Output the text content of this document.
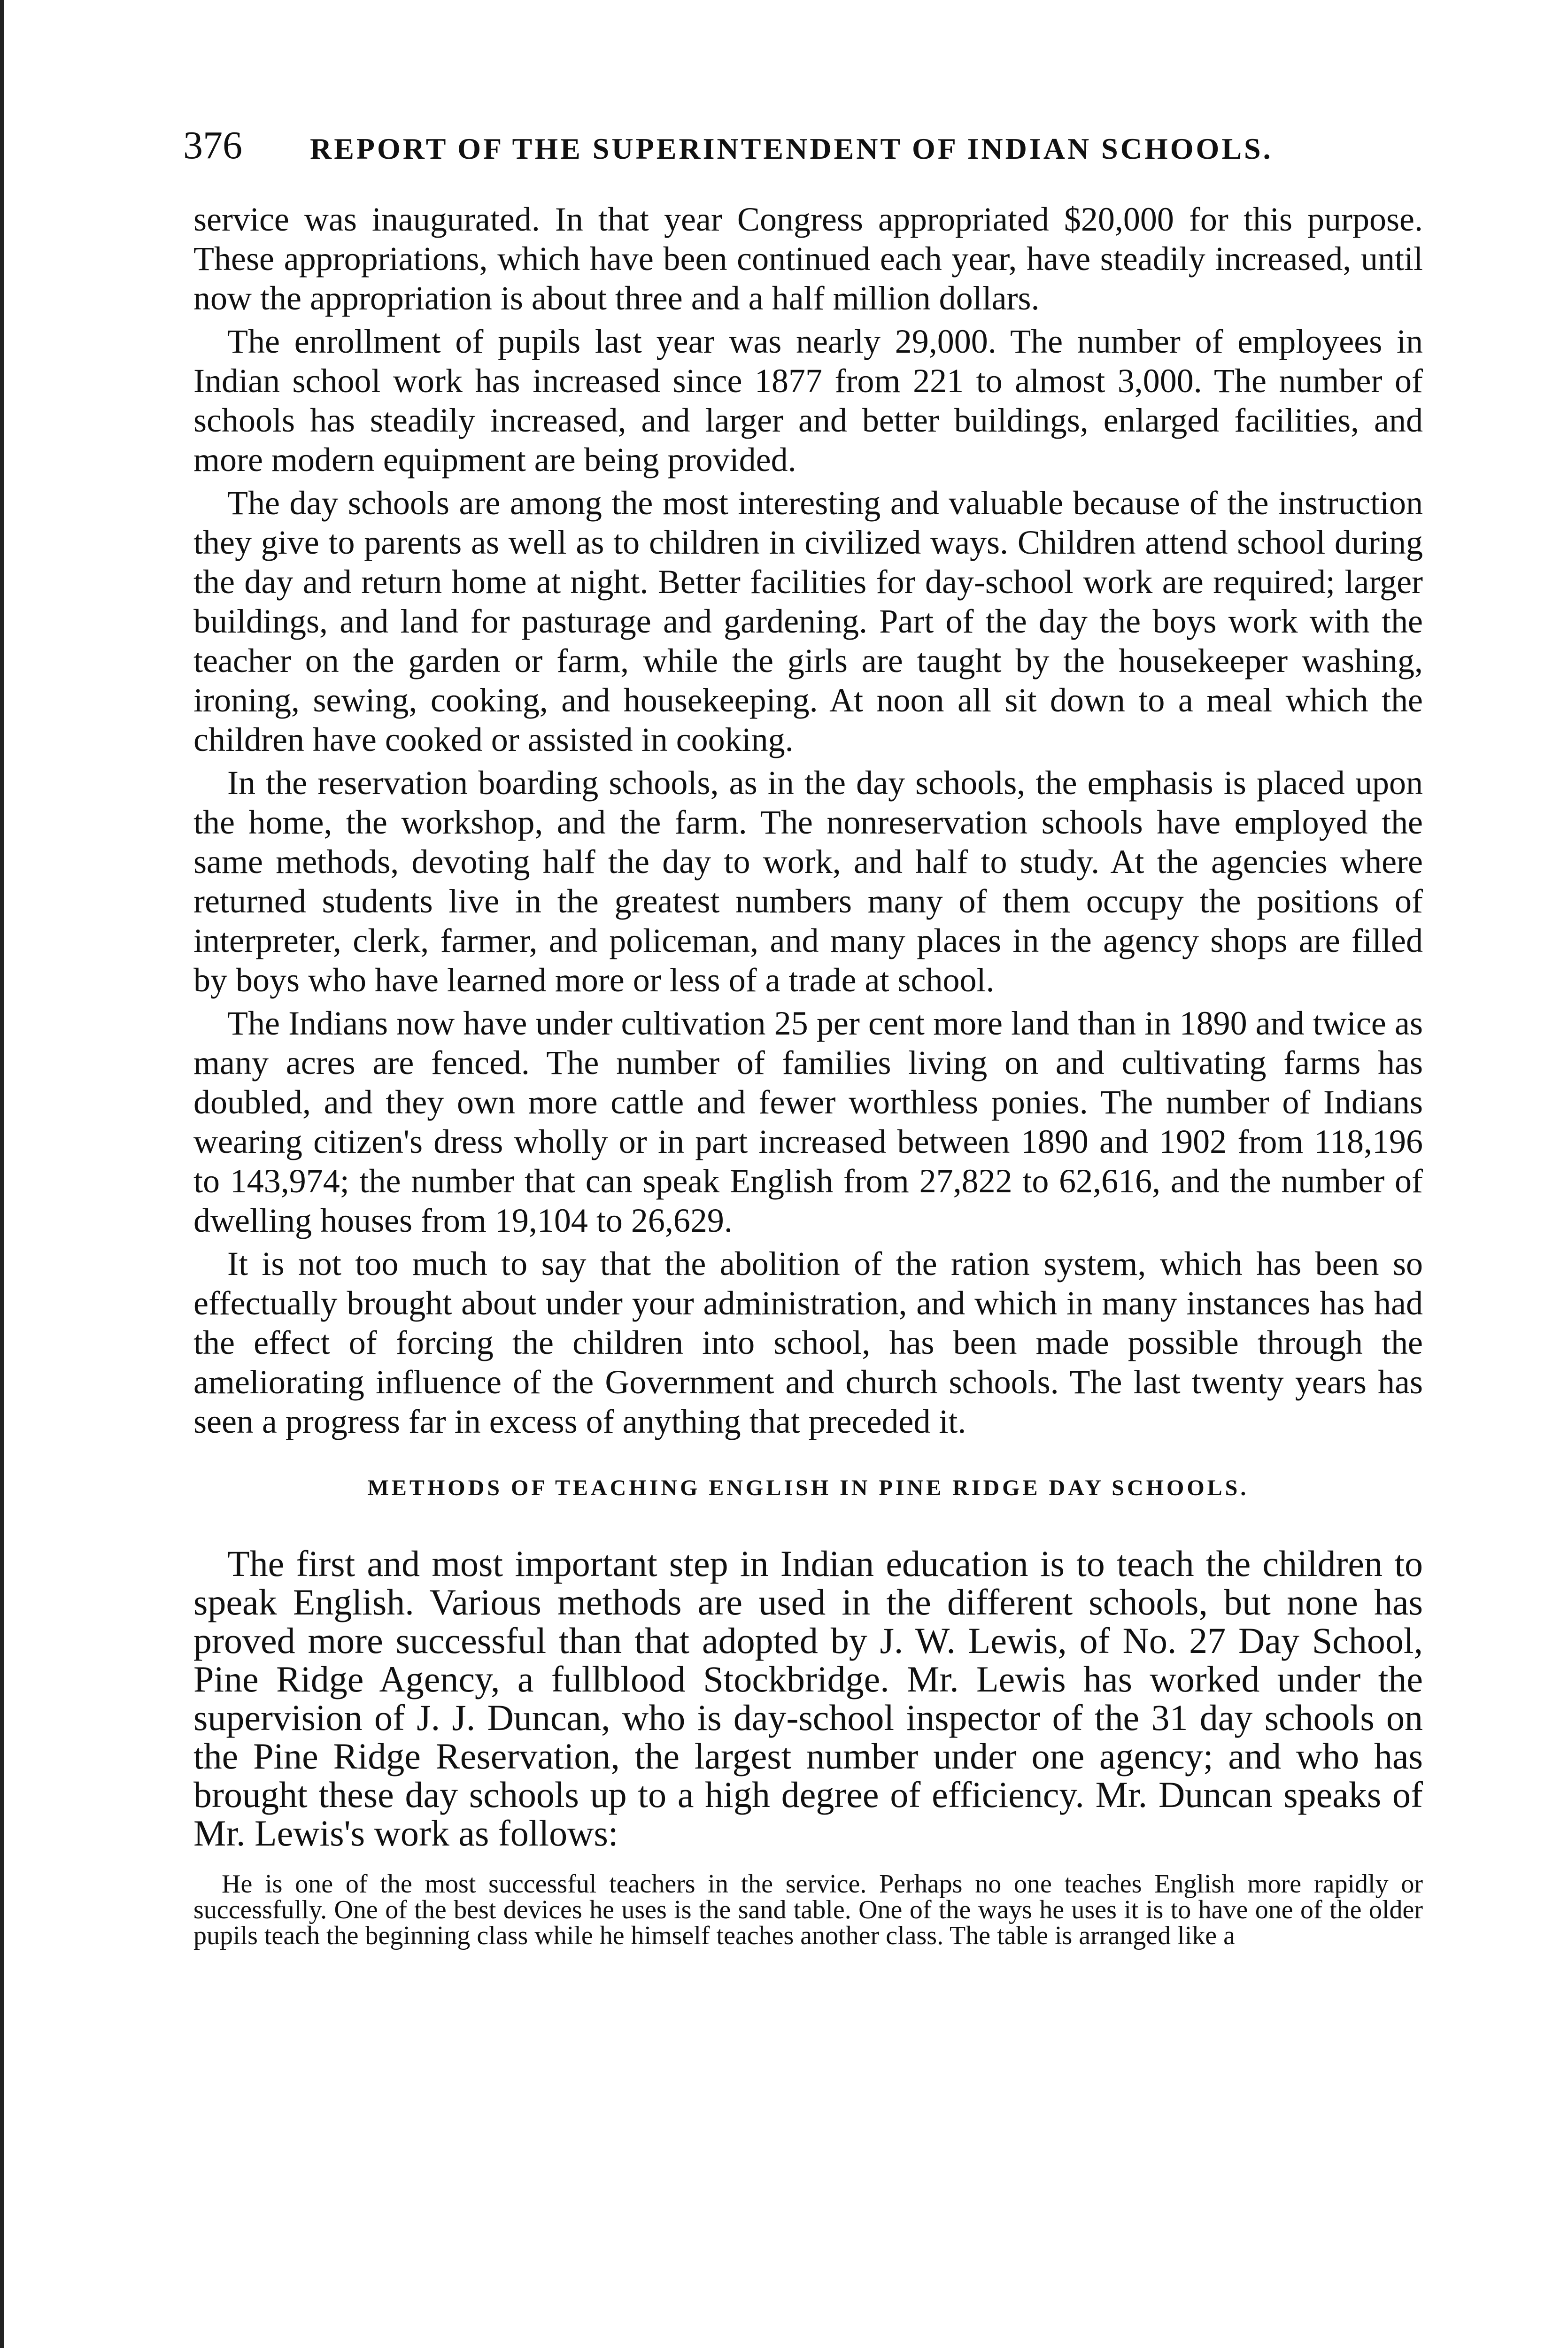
376 REPORT OF THE SUPERINTENDENT OF INDIAN SCHOOLS.

service was inaugurated. In that year Congress appropriated $20,000 for this purpose. These appropriations, which have been continued each year, have steadily increased, until now the appropriation is about three and a half million dollars.

The enrollment of pupils last year was nearly 29,000. The number of employees in Indian school work has increased since 1877 from 221 to almost 3,000. The number of schools has steadily increased, and larger and better buildings, enlarged facilities, and more modern equipment are being provided.

The day schools are among the most interesting and valuable because of the instruction they give to parents as well as to children in civilized ways. Children attend school during the day and return home at night. Better facilities for day-school work are required; larger buildings, and land for pasturage and gardening. Part of the day the boys work with the teacher on the garden or farm, while the girls are taught by the housekeeper washing, ironing, sewing, cooking, and housekeeping. At noon all sit down to a meal which the children have cooked or assisted in cooking.

In the reservation boarding schools, as in the day schools, the emphasis is placed upon the home, the workshop, and the farm. The nonreservation schools have employed the same methods, devoting half the day to work, and half to study. At the agencies where returned students live in the greatest numbers many of them occupy the positions of interpreter, clerk, farmer, and policeman, and many places in the agency shops are filled by boys who have learned more or less of a trade at school.

The Indians now have under cultivation 25 per cent more land than in 1890 and twice as many acres are fenced. The number of families living on and cultivating farms has doubled, and they own more cattle and fewer worthless ponies. The number of Indians wearing citizen's dress wholly or in part increased between 1890 and 1902 from 118,196 to 143,974; the number that can speak English from 27,822 to 62,616, and the number of dwelling houses from 19,104 to 26,629.

It is not too much to say that the abolition of the ration system, which has been so effectually brought about under your administration, and which in many instances has had the effect of forcing the children into school, has been made possible through the ameliorating influence of the Government and church schools. The last twenty years has seen a progress far in excess of anything that preceded it.

METHODS OF TEACHING ENGLISH IN PINE RIDGE DAY SCHOOLS.

The first and most important step in Indian education is to teach the children to speak English. Various methods are used in the different schools, but none has proved more successful than that adopted by J. W. Lewis, of No. 27 Day School, Pine Ridge Agency, a fullblood Stockbridge. Mr. Lewis has worked under the supervision of J. J. Duncan, who is day-school inspector of the 31 day schools on the Pine Ridge Reservation, the largest number under one agency; and who has brought these day schools up to a high degree of efficiency. Mr. Duncan speaks of Mr. Lewis's work as follows:

He is one of the most successful teachers in the service. Perhaps no one teaches English more rapidly or successfully. One of the best devices he uses is the sand table. One of the ways he uses it is to have one of the older pupils teach the beginning class while he himself teaches another class. The table is arranged like a
